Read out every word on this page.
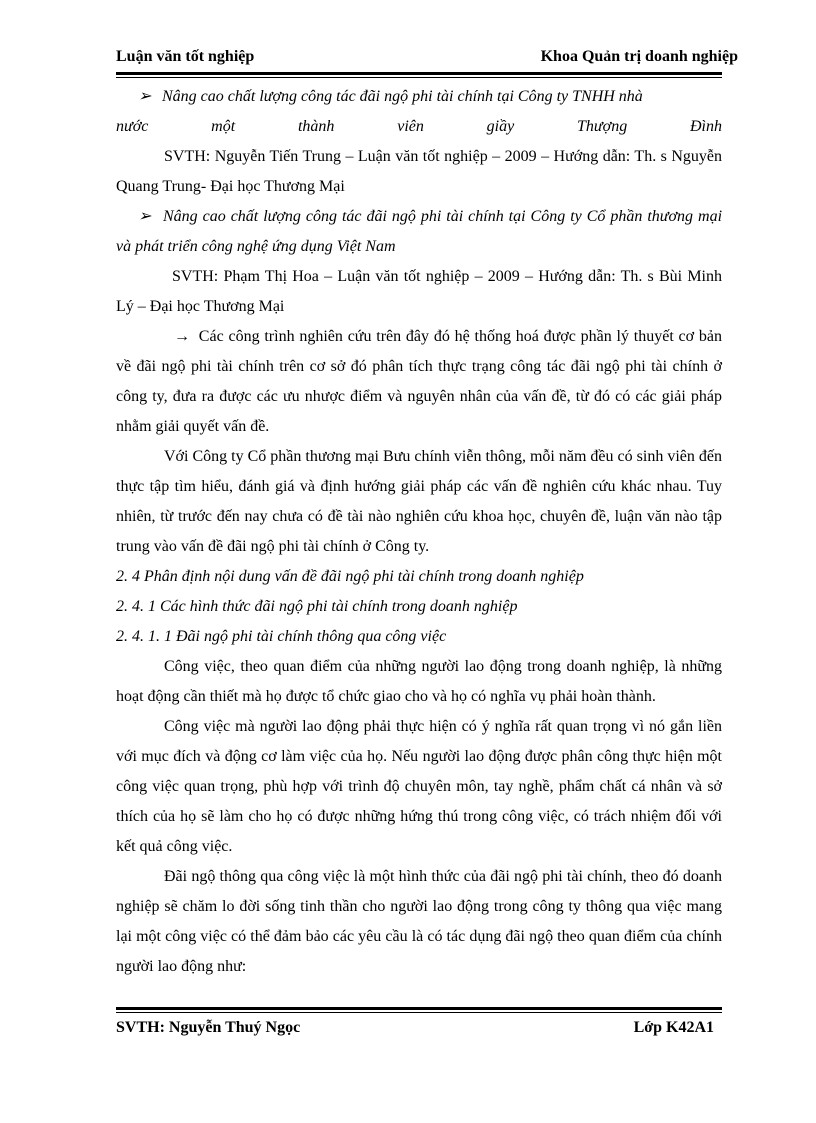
Luận văn tốt nghiệp	Khoa Quản trị doanh nghiệp

➢ Nâng cao chất lượng công tác đãi ngộ phi tài chính tại Công ty TNHH nhà

nước một thành viên giầy Thượng Đình

SVTH: Nguyễn Tiến Trung – Luận văn tốt nghiệp – 2009 – Hướng dẫn: Th. s Nguyễn Quang Trung- Đại học Thương Mại

➢ Nâng cao chất lượng công tác đãi ngộ phi tài chính tại Công ty Cổ phần thương mại và phát triển công nghệ ứng dụng Việt Nam

SVTH: Phạm Thị Hoa – Luận văn tốt nghiệp – 2009 – Hướng dẫn: Th. s Bùi Minh Lý – Đại học Thương Mại

→ Các công trình nghiên cứu trên đây đó hệ thống hoá được phần lý thuyết cơ bản về đãi ngộ phi tài chính trên cơ sở đó phân tích thực trạng công tác đãi ngộ phi tài chính ở công ty, đưa ra được các ưu nhược điểm và nguyên nhân của vấn đề, từ đó có các giải pháp nhằm giải quyết vấn đề.

Với Công ty Cổ phần thương mại Bưu chính viễn thông, mỗi năm đều có sinh viên đến thực tập tìm hiểu, đánh giá và định hướng giải pháp các vấn đề nghiên cứu khác nhau. Tuy nhiên, từ trước đến nay chưa có đề tài nào nghiên cứu khoa học, chuyên đề, luận văn nào tập trung vào vấn đề đãi ngộ phi tài chính ở Công ty.

2. 4 Phân định nội dung vấn đề đãi ngộ phi tài chính trong doanh nghiệp

2. 4. 1 Các hình thức đãi ngộ phi tài chính trong doanh nghiệp

2. 4. 1. 1 Đãi ngộ phi tài chính thông qua công việc

Công việc, theo quan điểm của những người lao động trong doanh nghiệp, là những hoạt động cần thiết mà họ được tổ chức giao cho và họ có nghĩa vụ phải hoàn thành.

Công việc mà người lao động phải thực hiện có ý nghĩa rất quan trọng vì nó gắn liền với mục đích và động cơ làm việc của họ. Nếu người lao động được phân công thực hiện một công việc quan trọng, phù hợp với trình độ chuyên môn, tay nghề, phẩm chất cá nhân và sở thích của họ sẽ làm cho họ có được những hứng thú trong công việc, có trách nhiệm đối với kết quả công việc.

Đãi ngộ thông qua công việc là một hình thức của đãi ngộ phi tài chính, theo đó doanh nghiệp sẽ chăm lo đời sống tinh thần cho người lao động trong công ty thông qua việc mang lại một công việc có thể đảm bảo các yêu cầu là có tác dụng đãi ngộ theo quan điểm của chính người lao động như:

SVTH: Nguyễn Thuý Ngọc	Lớp K42A1
